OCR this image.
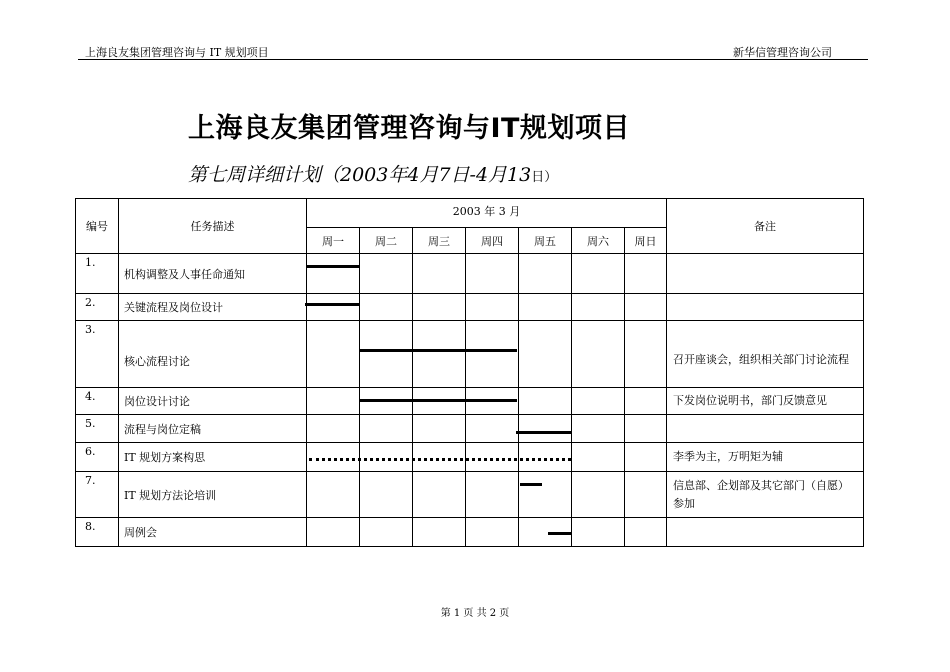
上海良友集团管理咨询与 IT 规划项目	新华信管理咨询公司
上海良友集团管理咨询与IT规划项目
第七周详细计划（2003年4月7日-4月13日）
编号	任务描述	2003 年 3 月							备注
		周一	周二	周三	周四	周五	周六	周日	
1.	机构调整及人事任命通知	

2.	关键流程及岗位设计	

3.	核心流程讨论								召开座谈会，组织相关部门讨论流程
4.	岗位设计讨论								下发岗位说明书，部门反馈意见
5.	流程与岗位定稿					

6.	IT 规划方案构思								李季为主，万明矩为辅
7.	IT 规划方法论培训								信息部、企划部及其它部门（自愿）参加
8.	周例会					

第 1 页 共 2 页
